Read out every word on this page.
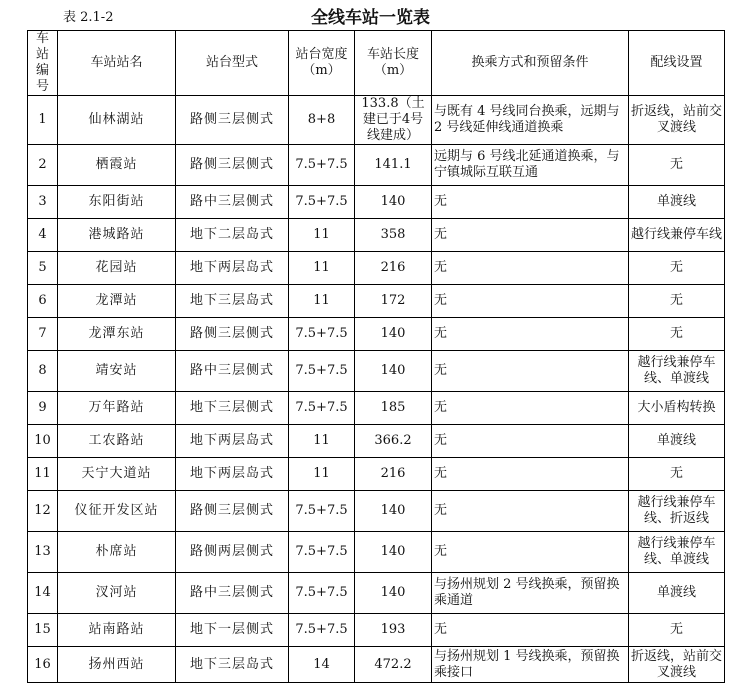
表 2.1-2	全线车站一览表
车站编号	车站站名	站台型式	站台宽度（m）	车站长度（m）	换乘方式和预留条件	配线设置
1	仙林湖站	路侧三层侧式	8+8	133.8（土建已于4号线建成）	与既有 4 号线同台换乘，远期与 2 号线延伸线通道换乘	折返线，站前交叉渡线
2	栖霞站	路侧三层侧式	7.5+7.5	141.1	远期与 6 号线北延通道换乘，与宁镇城际互联互通	无
3	东阳街站	路中三层侧式	7.5+7.5	140	无	单渡线
4	港城路站	地下二层岛式	11	358	无	越行线兼停车线
5	花园站	地下两层岛式	11	216	无	无
6	龙潭站	地下三层岛式	11	172	无	无
7	龙潭东站	路侧三层侧式	7.5+7.5	140	无	无
8	靖安站	路中三层侧式	7.5+7.5	140	无	越行线兼停车线、单渡线
9	万年路站	地下三层侧式	7.5+7.5	185	无	大小盾构转换
10	工农路站	地下两层岛式	11	366.2	无	单渡线
11	天宁大道站	地下两层岛式	11	216	无	无
12	仪征开发区站	路侧三层侧式	7.5+7.5	140	无	越行线兼停车线、折返线
13	朴席站	路侧两层侧式	7.5+7.5	140	无	越行线兼停车线、单渡线
14	汊河站	路中三层侧式	7.5+7.5	140	与扬州规划 2 号线换乘，预留换乘通道	单渡线
15	站南路站	地下一层侧式	7.5+7.5	193	无	无
16	扬州西站	地下三层岛式	14	472.2	与扬州规划 1 号线换乘，预留换乘接口	折返线，站前交叉渡线
